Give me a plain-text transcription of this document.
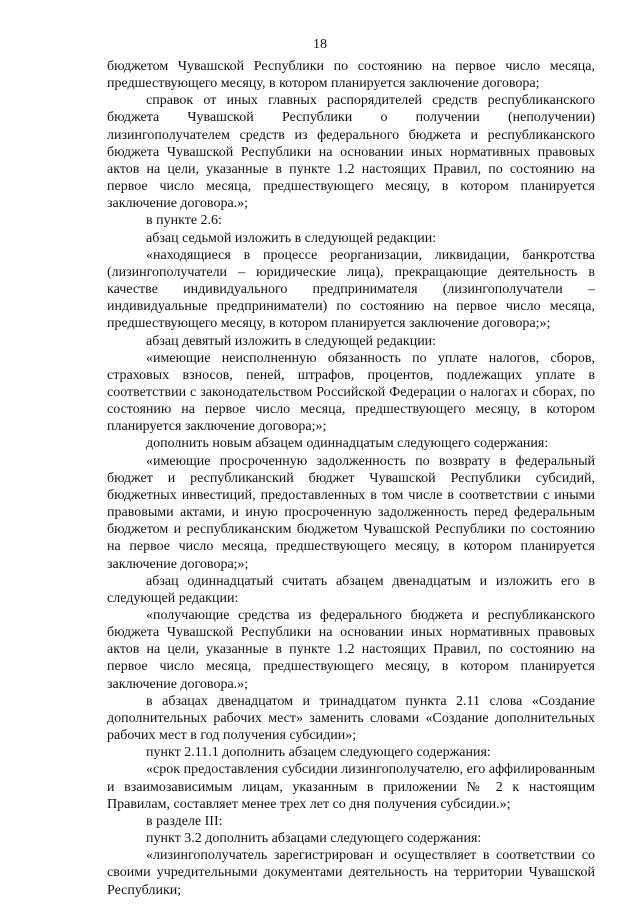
18

бюджетом Чувашской Республики по состоянию на первое число месяца, предшествующего месяцу, в котором планируется заключение договора;

справок от иных главных распорядителей средств республиканского бюджета Чувашской Республики о получении (неполучении) лизингополучателем средств из федерального бюджета и республиканского бюджета Чувашской Республики на основании иных нормативных правовых актов на цели, указанные в пункте 1.2 настоящих Правил, по состоянию на первое число месяца, предшествующего месяцу, в котором планируется заключение договора.»;

в пункте 2.6:

абзац седьмой изложить в следующей редакции:

«находящиеся в процессе реорганизации, ликвидации, банкротства (лизингополучатели – юридические лица), прекращающие деятельность в качестве индивидуального предпринимателя (лизингополучатели – индивидуальные предприниматели) по состоянию на первое число месяца, предшествующего месяцу, в котором планируется заключение договора;»;

абзац девятый изложить в следующей редакции:

«имеющие неисполненную обязанность по уплате налогов, сборов, страховых взносов, пеней, штрафов, процентов, подлежащих уплате в соответствии с законодательством Российской Федерации о налогах и сборах, по состоянию на первое число месяца, предшествующего месяцу, в котором планируется заключение договора;»;

дополнить новым абзацем одиннадцатым следующего содержания:

«имеющие просроченную задолженность по возврату в федеральный бюджет и республиканский бюджет Чувашской Республики субсидий, бюджетных инвестиций, предоставленных в том числе в соответствии с иными правовыми актами, и иную просроченную задолженность перед федеральным бюджетом и республиканским бюджетом Чувашской Республики по состоянию на первое число месяца, предшествующего месяцу, в котором планируется заключение договора;»;

абзац одиннадцатый считать абзацем двенадцатым и изложить его в следующей редакции:

«получающие средства из федерального бюджета и республиканского бюджета Чувашской Республики на основании иных нормативных правовых актов на цели, указанные в пункте 1.2 настоящих Правил, по состоянию на первое число месяца, предшествующего месяцу, в котором планируется заключение договора.»;

в абзацах двенадцатом и тринадцатом пункта 2.11 слова «Создание дополнительных рабочих мест» заменить словами «Создание дополнительных рабочих мест в год получения субсидии»;

пункт 2.11.1 дополнить абзацем следующего содержания:

«срок предоставления субсидии лизингополучателю, его аффилированным и взаимозависимым лицам, указанным в приложении № 2 к настоящим Правилам, составляет менее трех лет со дня получения субсидии.»;

в разделе III:

пункт 3.2 дополнить абзацами следующего содержания:

«лизингополучатель зарегистрирован и осуществляет в соответствии со своими учредительными документами деятельность на территории Чувашской Республики;
